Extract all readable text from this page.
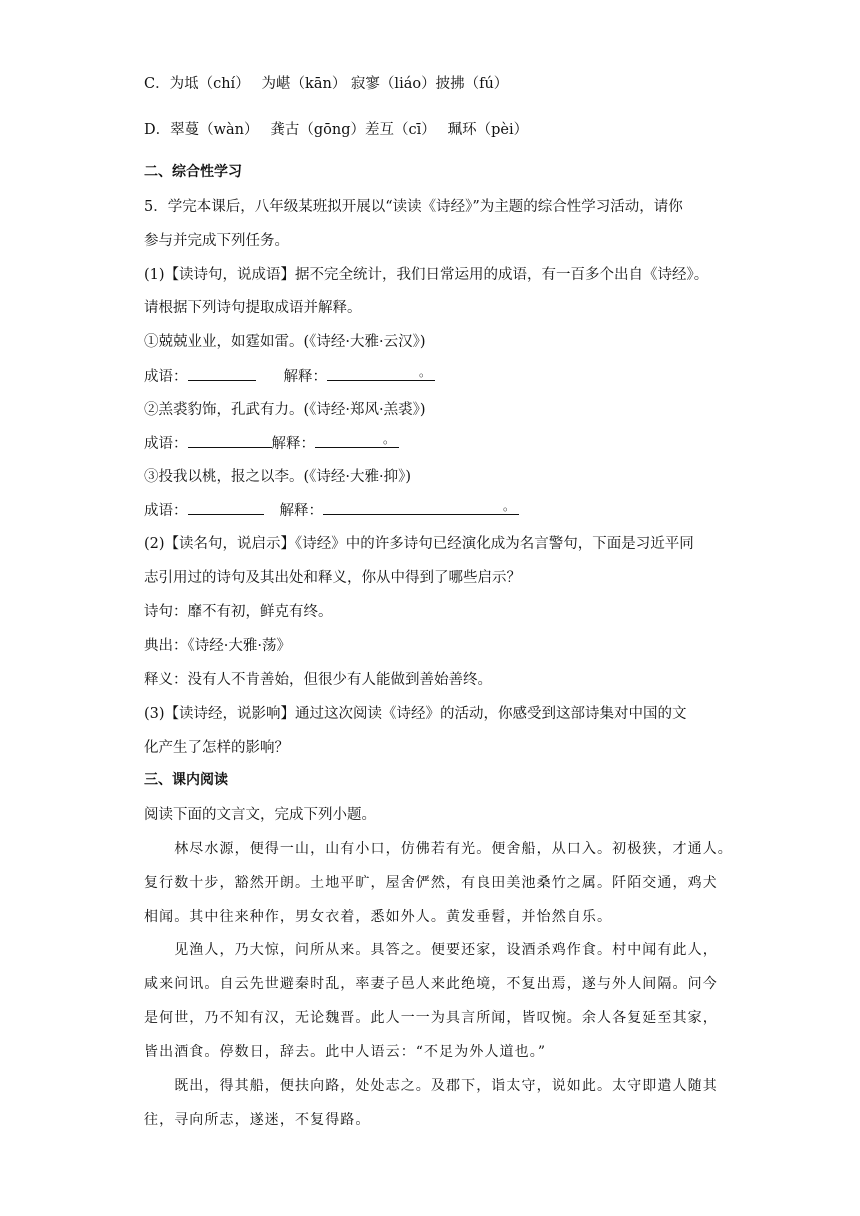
C．为坻（chí）　 为嵁（kān） 寂寥（liáo）披拂（fú）
D．翠蔓（wàn）　 龚古（gōng）差互（cī）　 珮环（pèi）
二、综合性学习
5．学完本课后，八年级某班拟开展以“读读《诗经》”为主题的综合性学习活动，请你
参与并完成下列任务。
(1)【读诗句，说成语】据不完全统计，我们日常运用的成语，有一百多个出自《诗经》。
请根据下列诗句提取成语并解释。
①兢兢业业，如霆如雷。(《诗经·大雅·云汉》)
成语：	解释：	。
②羔裘豹饰，孔武有力。(《诗经·郑风·羔裘》)
成语：	解释：	。
③投我以桃，报之以李。(《诗经·大雅·抑》)
成语：	解释：	。
(2)【读名句，说启示】《诗经》中的许多诗句已经演化成为名言警句，下面是习近平同
志引用过的诗句及其出处和释义，你从中得到了哪些启示？
诗句：靡不有初，鲜克有终。
典出：《诗经·大雅·荡》
释义：没有人不肯善始，但很少有人能做到善始善终。
(3)【读诗经，说影响】通过这次阅读《诗经》的活动，你感受到这部诗集对中国的文
化产生了怎样的影响？
三、课内阅读
阅读下面的文言文，完成下列小题。
　　林尽水源，便得一山，山有小口，仿佛若有光。便舍船，从口入。初极狭，才通人。
复行数十步，豁然开朗。土地平旷，屋舍俨然，有良田美池桑竹之属。阡陌交通，鸡犬
相闻。其中往来种作，男女衣着，悉如外人。黄发垂髫，并怡然自乐。
　　见渔人，乃大惊，问所从来。具答之。便要还家，设酒杀鸡作食。村中闻有此人，
咸来问讯。自云先世避秦时乱，率妻子邑人来此绝境，不复出焉，遂与外人间隔。问今
是何世，乃不知有汉，无论魏晋。此人一一为具言所闻，皆叹惋。余人各复延至其家，
皆出酒食。停数日，辞去。此中人语云：“不足为外人道也。”
　　既出，得其船，便扶向路，处处志之。及郡下，诣太守，说如此。太守即遣人随其
往，寻向所志，遂迷，不复得路。
